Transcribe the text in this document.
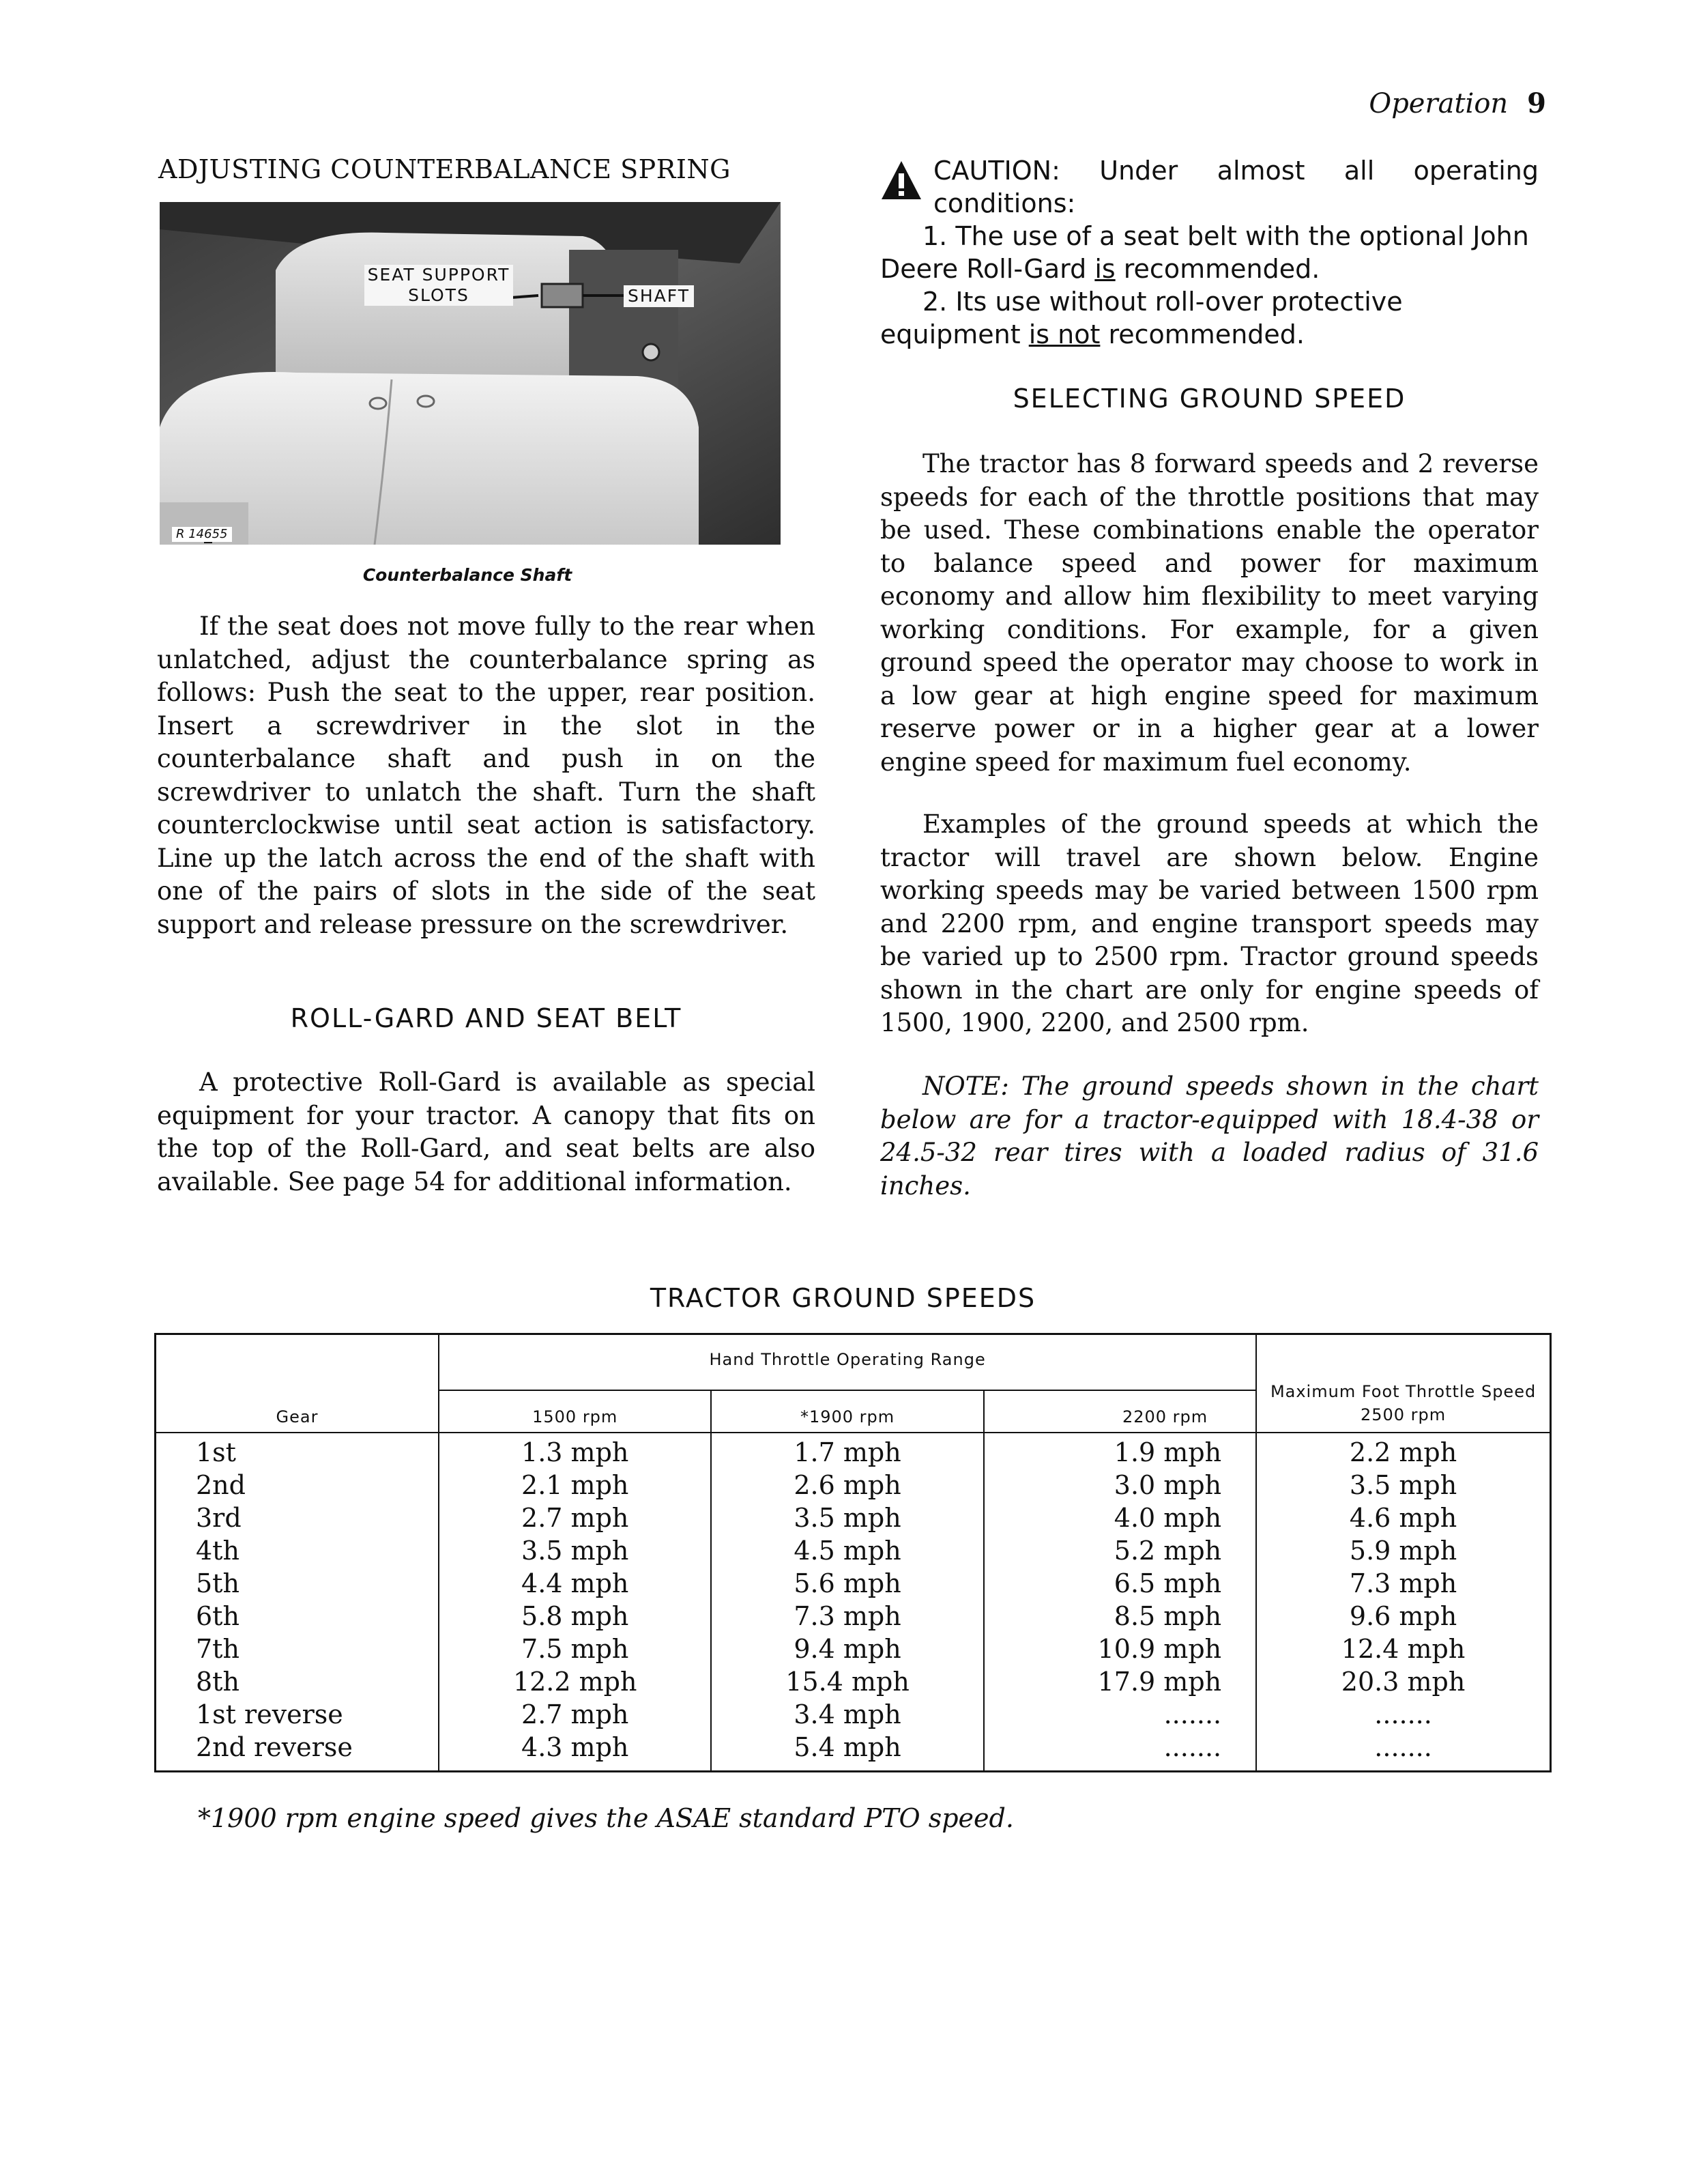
Operation 9
ADJUSTING COUNTERBALANCE SPRING
SEAT SUPPORT
SLOTS	SHAFT
R 14655
Counterbalance Shaft

If the seat does not move fully to the rear when unlatched, adjust the counterbalance spring as follows: Push the seat to the upper, rear position. Insert a screwdriver in the slot in the counterbalance shaft and push in on the screwdriver to unlatch the shaft. Turn the shaft counterclockwise until seat action is satisfactory. Line up the latch across the end of the shaft with one of the pairs of slots in the side of the seat support and release pressure on the screwdriver.

ROLL-GARD AND SEAT BELT

A protective Roll-Gard is available as special equipment for your tractor. A canopy that fits on the top of the Roll-Gard, and seat belts are also available. See page 54 for additional information.

CAUTION: Under almost all operating conditions:
1. The use of a seat belt with the optional John Deere Roll-Gard is recommended.
2. Its use without roll-over protective equipment is not recommended.
SELECTING GROUND SPEED

The tractor has 8 forward speeds and 2 reverse speeds for each of the throttle positions that may be used. These combinations enable the operator to balance speed and power for maximum economy and allow him flexibility to meet varying working conditions. For example, for a given ground speed the operator may choose to work in a low gear at high engine speed for maximum reserve power or in a higher gear at a lower engine speed for maximum fuel economy.

Examples of the ground speeds at which the tractor will travel are shown below. Engine working speeds may be varied between 1500 rpm and 2200 rpm, and engine transport speeds may be varied up to 2500 rpm. Tractor ground speeds shown in the chart are only for engine speeds of 1500, 1900, 2200, and 2500 rpm.

NOTE: The ground speeds shown in the chart below are for a tractor-equipped with 18.4-38 or 24.5-32 rear tires with a loaded radius of 31.6 inches.

TRACTOR GROUND SPEEDS
Gear	Hand Throttle Operating Range			Maximum Foot Throttle Speed
2500 rpm

	1500 rpm	*1900 rpm	2200 rpm	
1st	1.3 mph	1.7 mph	1.9 mph	2.2 mph
2nd	2.1 mph	2.6 mph	3.0 mph	3.5 mph
3rd	2.7 mph	3.5 mph	4.0 mph	4.6 mph
4th	3.5 mph	4.5 mph	5.2 mph	5.9 mph
5th	4.4 mph	5.6 mph	6.5 mph	7.3 mph
6th	5.8 mph	7.3 mph	8.5 mph	9.6 mph
7th	7.5 mph	9.4 mph	10.9 mph	12.4 mph
8th	12.2 mph	15.4 mph	17.9 mph	20.3 mph
1st reverse	2.7 mph	3.4 mph	.......	.......
2nd reverse	4.3 mph	5.4 mph	.......	.......
*1900 rpm engine speed gives the ASAE standard PTO speed.
